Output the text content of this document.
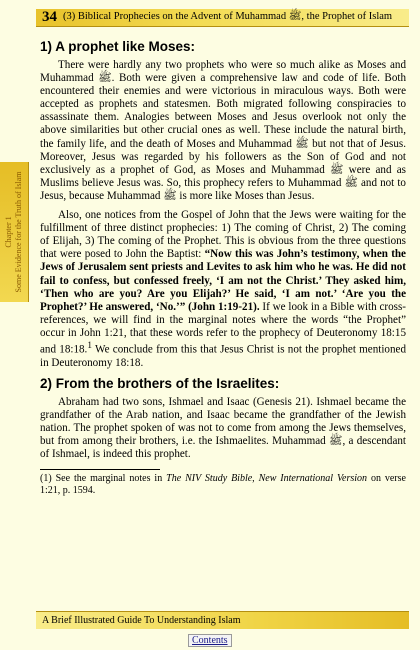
34 (3) Biblical Prophecies on the Advent of Muhammad ﷺ, the Prophet of Islam
Chapter 1 Some Evidence for the Truth of Islam
1) A prophet like Moses:

There were hardly any two prophets who were so much alike as Moses and Muhammad ﷺ. Both were given a comprehensive law and code of life. Both encountered their enemies and were victorious in miraculous ways. Both were accepted as prophets and statesmen. Both migrated following conspiracies to assassinate them. Analogies between Moses and Jesus overlook not only the above similarities but other crucial ones as well. These include the natural birth, the family life, and the death of Moses and Muhammad ﷺ but not that of Jesus. Moreover, Jesus was regarded by his followers as the Son of God and not exclusively as a prophet of God, as Moses and Muhammad ﷺ were and as Muslims believe Jesus was. So, this prophecy refers to Muhammad ﷺ and not to Jesus, because Muhammad ﷺ is more like Moses than Jesus.

Also, one notices from the Gospel of John that the Jews were waiting for the fulfillment of three distinct prophecies: 1) The coming of Christ, 2) The coming of Elijah, 3) The coming of the Prophet. This is obvious from the three questions that were posed to John the Baptist: “Now this was John’s testimony, when the Jews of Jerusalem sent priests and Levites to ask him who he was. He did not fail to confess, but confessed freely, ‘I am not the Christ.’ They asked him, ‘Then who are you? Are you Elijah?’ He said, ‘I am not.’ ‘Are you the Prophet?’ He answered, ‘No.’” (John 1:19-21). If we look in a Bible with cross-references, we will find in the marginal notes where the words “the Prophet” occur in John 1:21, that these words refer to the prophecy of Deuteronomy 18:15 and 18:18.$^1$ We conclude from this that Jesus Christ is not the prophet mentioned in Deuteronomy 18:18.

2) From the brothers of the Israelites:

Abraham had two sons, Ishmael and Isaac (Genesis 21). Ishmael became the grandfather of the Arab nation, and Isaac became the grandfather of the Jewish nation. The prophet spoken of was not to come from among the Jews themselves, but from among their brothers, i.e. the Ishmaelites. Muhammad ﷺ, a descendant of Ishmael, is indeed this prophet.

(1) See the marginal notes in The NIV Study Bible, New International Version on verse 1:21, p. 1594.

A Brief Illustrated Guide To Understanding Islam
Contents
